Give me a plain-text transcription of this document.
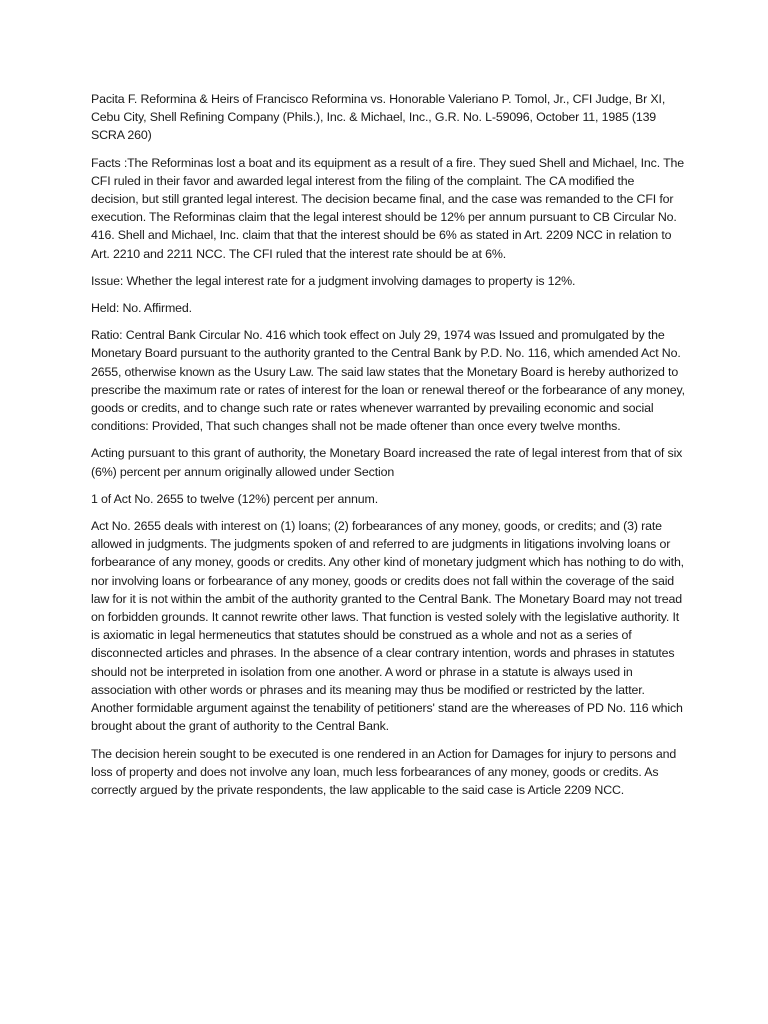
Pacita F. Reformina & Heirs of Francisco Reformina vs. Honorable Valeriano P. Tomol, Jr., CFI Judge, Br XI, Cebu City, Shell Refining Company (Phils.), Inc. & Michael, Inc., G.R. No. L-59096, October 11, 1985 (139 SCRA 260)

Facts :The Reforminas lost a boat and its equipment as a result of a fire. They sued Shell and Michael, Inc. The CFI ruled in their favor and awarded legal interest from the filing of the complaint. The CA modified the decision, but still granted legal interest. The decision became final, and the case was remanded to the CFI for execution. The Reforminas claim that the legal interest should be 12% per annum pursuant to CB Circular No. 416. Shell and Michael, Inc. claim that that the interest should be 6% as stated in Art. 2209 NCC in relation to Art. 2210 and 2211 NCC. The CFI ruled that the interest rate should be at 6%.

Issue: Whether the legal interest rate for a judgment involving damages to property is 12%.

Held: No. Affirmed.

Ratio: Central Bank Circular No. 416 which took effect on July 29, 1974 was Issued and promulgated by the Monetary Board pursuant to the authority granted to the Central Bank by P.D. No. 116, which amended Act No. 2655, otherwise known as the Usury Law. The said law states that the Monetary Board is hereby authorized to prescribe the maximum rate or rates of interest for the loan or renewal thereof or the forbearance of any money, goods or credits, and to change such rate or rates whenever warranted by prevailing economic and social conditions: Provided, That such changes shall not be made oftener than once every twelve months.

Acting pursuant to this grant of authority, the Monetary Board increased the rate of legal interest from that of six (6%) percent per annum originally allowed under Section

1 of Act No. 2655 to twelve (12%) percent per annum.

Act No. 2655 deals with interest on (1) loans; (2) forbearances of any money, goods, or credits; and (3) rate allowed in judgments. The judgments spoken of and referred to are judgments in litigations involving loans or forbearance of any money, goods or credits. Any other kind of monetary judgment which has nothing to do with, nor involving loans or forbearance of any money, goods or credits does not fall within the coverage of the said law for it is not within the ambit of the authority granted to the Central Bank. The Monetary Board may not tread on forbidden grounds. It cannot rewrite other laws. That function is vested solely with the legislative authority. It is axiomatic in legal hermeneutics that statutes should be construed as a whole and not as a series of disconnected articles and phrases. In the absence of a clear contrary intention, words and phrases in statutes should not be interpreted in isolation from one another. A word or phrase in a statute is always used in association with other words or phrases and its meaning may thus be modified or restricted by the latter. Another formidable argument against the tenability of petitioners' stand are the whereases of PD No. 116 which brought about the grant of authority to the Central Bank.

The decision herein sought to be executed is one rendered in an Action for Damages for injury to persons and loss of property and does not involve any loan, much less forbearances of any money, goods or credits. As correctly argued by the private respondents, the law applicable to the said case is Article 2209 NCC.
